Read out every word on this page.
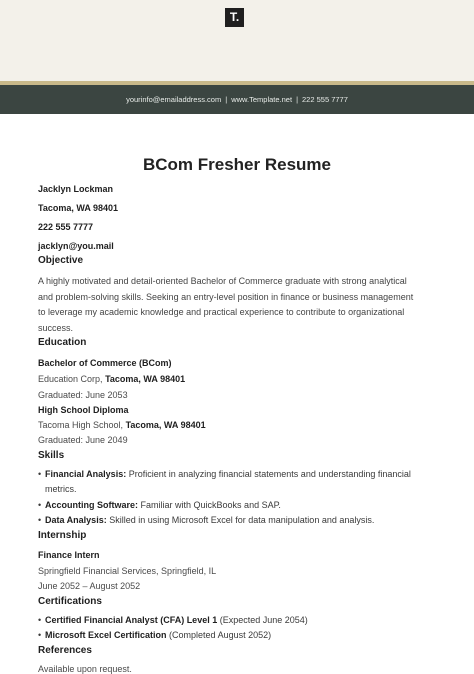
T.
yourinfo@emailaddress.com | www.Template.net | 222 555 7777
BCom Fresher Resume
Jacklyn Lockman
Tacoma, WA 98401
222 555 7777
jacklyn@you.mail
Objective
A highly motivated and detail-oriented Bachelor of Commerce graduate with strong analytical
and problem-solving skills. Seeking an entry-level position in finance or business management
to leverage my academic knowledge and practical experience to contribute to organizational
success.
Education
Bachelor of Commerce (BCom)
Education Corp, Tacoma, WA 98401
Graduated: June 2053
High School Diploma
Tacoma High School, Tacoma, WA 98401
Graduated: June 2049
Skills
• Financial Analysis: Proficient in analyzing financial statements and understanding financial
metrics.
• Accounting Software: Familiar with QuickBooks and SAP.
• Data Analysis: Skilled in using Microsoft Excel for data manipulation and analysis.
Internship
Finance Intern
Springfield Financial Services, Springfield, IL
June 2052 – August 2052
Certifications
• Certified Financial Analyst (CFA) Level 1 (Expected June 2054)
• Microsoft Excel Certification (Completed August 2052)
References
Available upon request.
